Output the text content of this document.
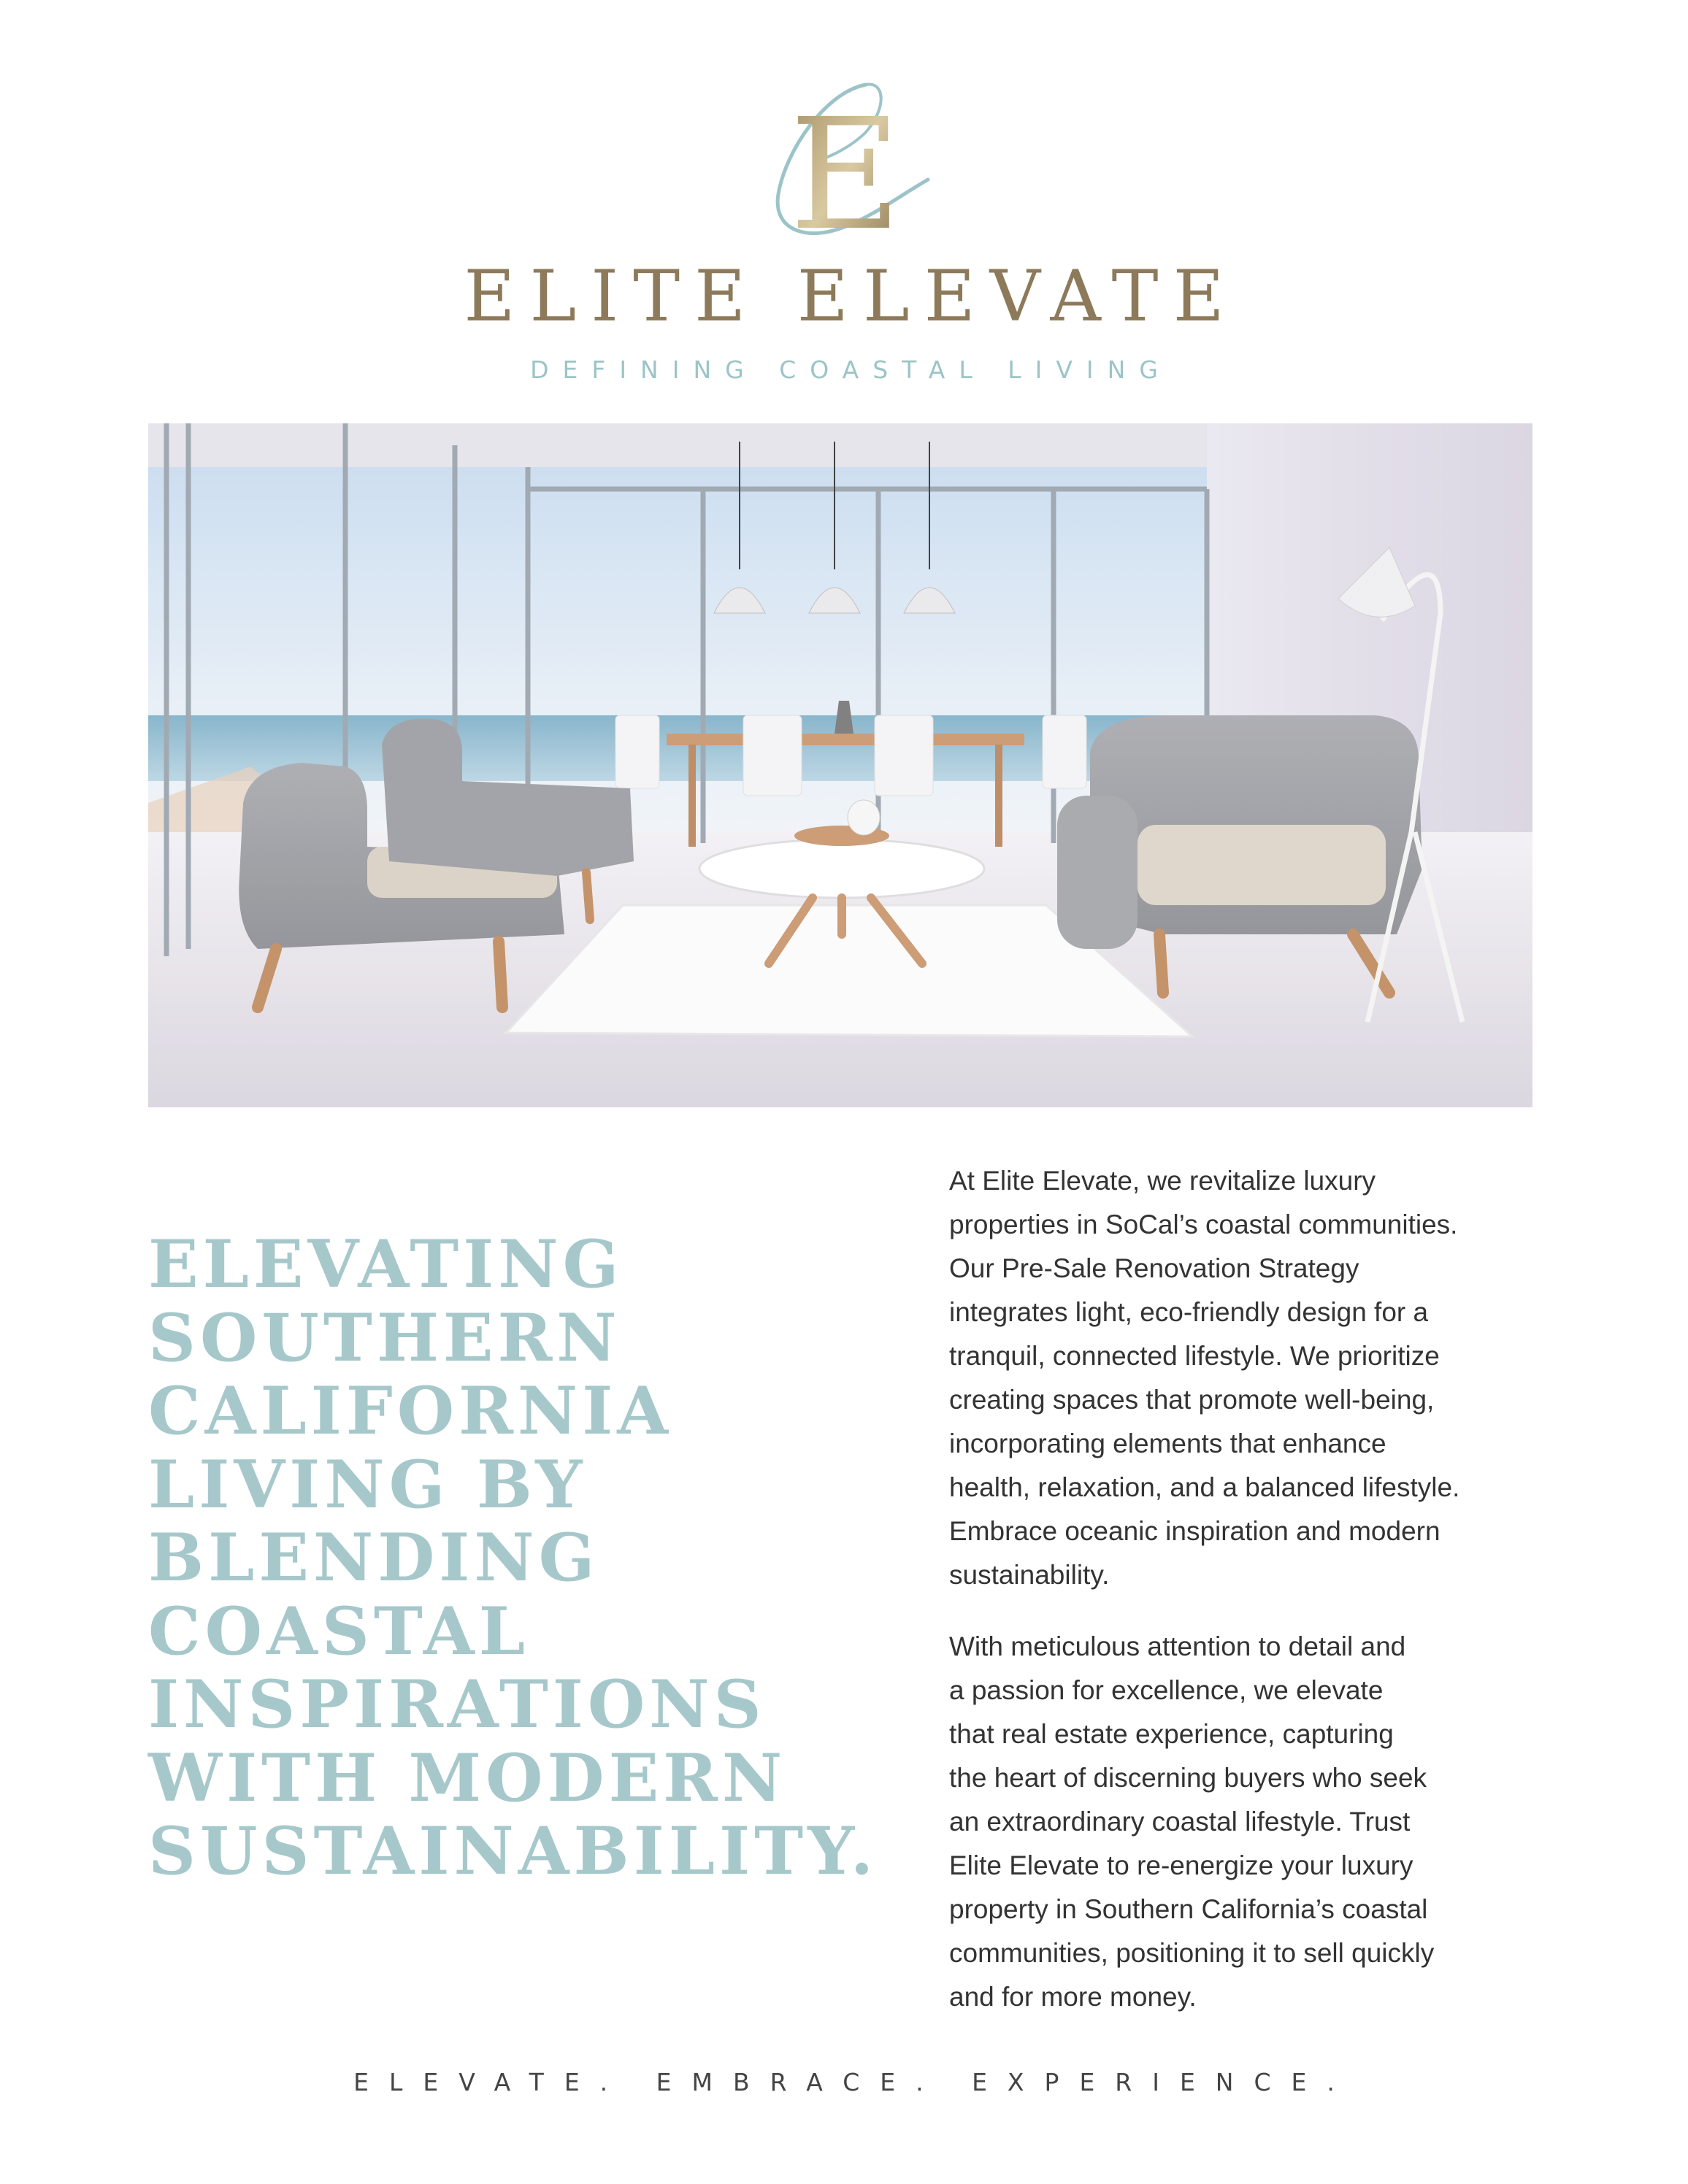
E
ELITE ELEVATE
DEFINING COASTAL LIVING
ELEVATING
SOUTHERN
CALIFORNIA
LIVING BY
BLENDING
COASTAL
INSPIRATIONS
WITH MODERN
SUSTAINABILITY.

At Elite Elevate, we revitalize luxury
properties in SoCal’s coastal communities.
Our Pre-Sale Renovation Strategy
integrates light, eco-friendly design for a
tranquil, connected lifestyle. We prioritize
creating spaces that promote well-being,
incorporating elements that enhance
health, relaxation, and a balanced lifestyle.
Embrace oceanic inspiration and modern
sustainability.

With meticulous attention to detail and
a passion for excellence, we elevate
that real estate experience, capturing
the heart of discerning buyers who seek
an extraordinary coastal lifestyle. Trust
Elite Elevate to re-energize your luxury
property in Southern California’s coastal
communities, positioning it to sell quickly
and for more money.

ELEVATE. EMBRACE. EXPERIENCE.
